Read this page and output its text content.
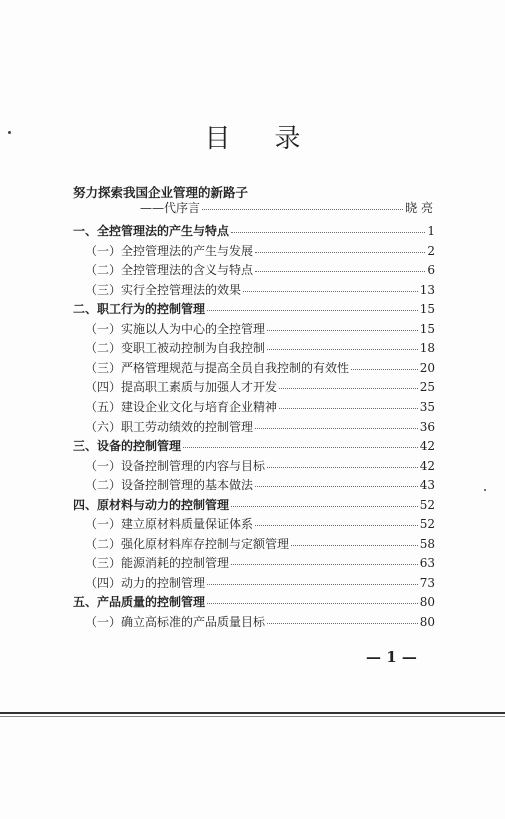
目录
努力探索我国企业管理的新路子
——代序言	晓 亮
一、全控管理法的产生与特点	1
（一）全控管理法的产生与发展	2
（二）全控管理法的含义与特点	6
（三）实行全控管理法的效果	13
二、职工行为的控制管理	15
（一）实施以人为中心的全控管理	15
（二）变职工被动控制为自我控制	18
（三）严格管理规范与提高全员自我控制的有效性	20
（四）提高职工素质与加强人才开发	25
（五）建设企业文化与培育企业精神	35
（六）职工劳动绩效的控制管理	36
三、设备的控制管理	42
（一）设备控制管理的内容与目标	42
（二）设备控制管理的基本做法	43
四、原材料与动力的控制管理	52
（一）建立原材料质量保证体系	52
（二）强化原材料库存控制与定额管理	58
（三）能源消耗的控制管理	63
（四）动力的控制管理	73
五、产品质量的控制管理	80
（一）确立高标准的产品质量目标	80
— 1 —
